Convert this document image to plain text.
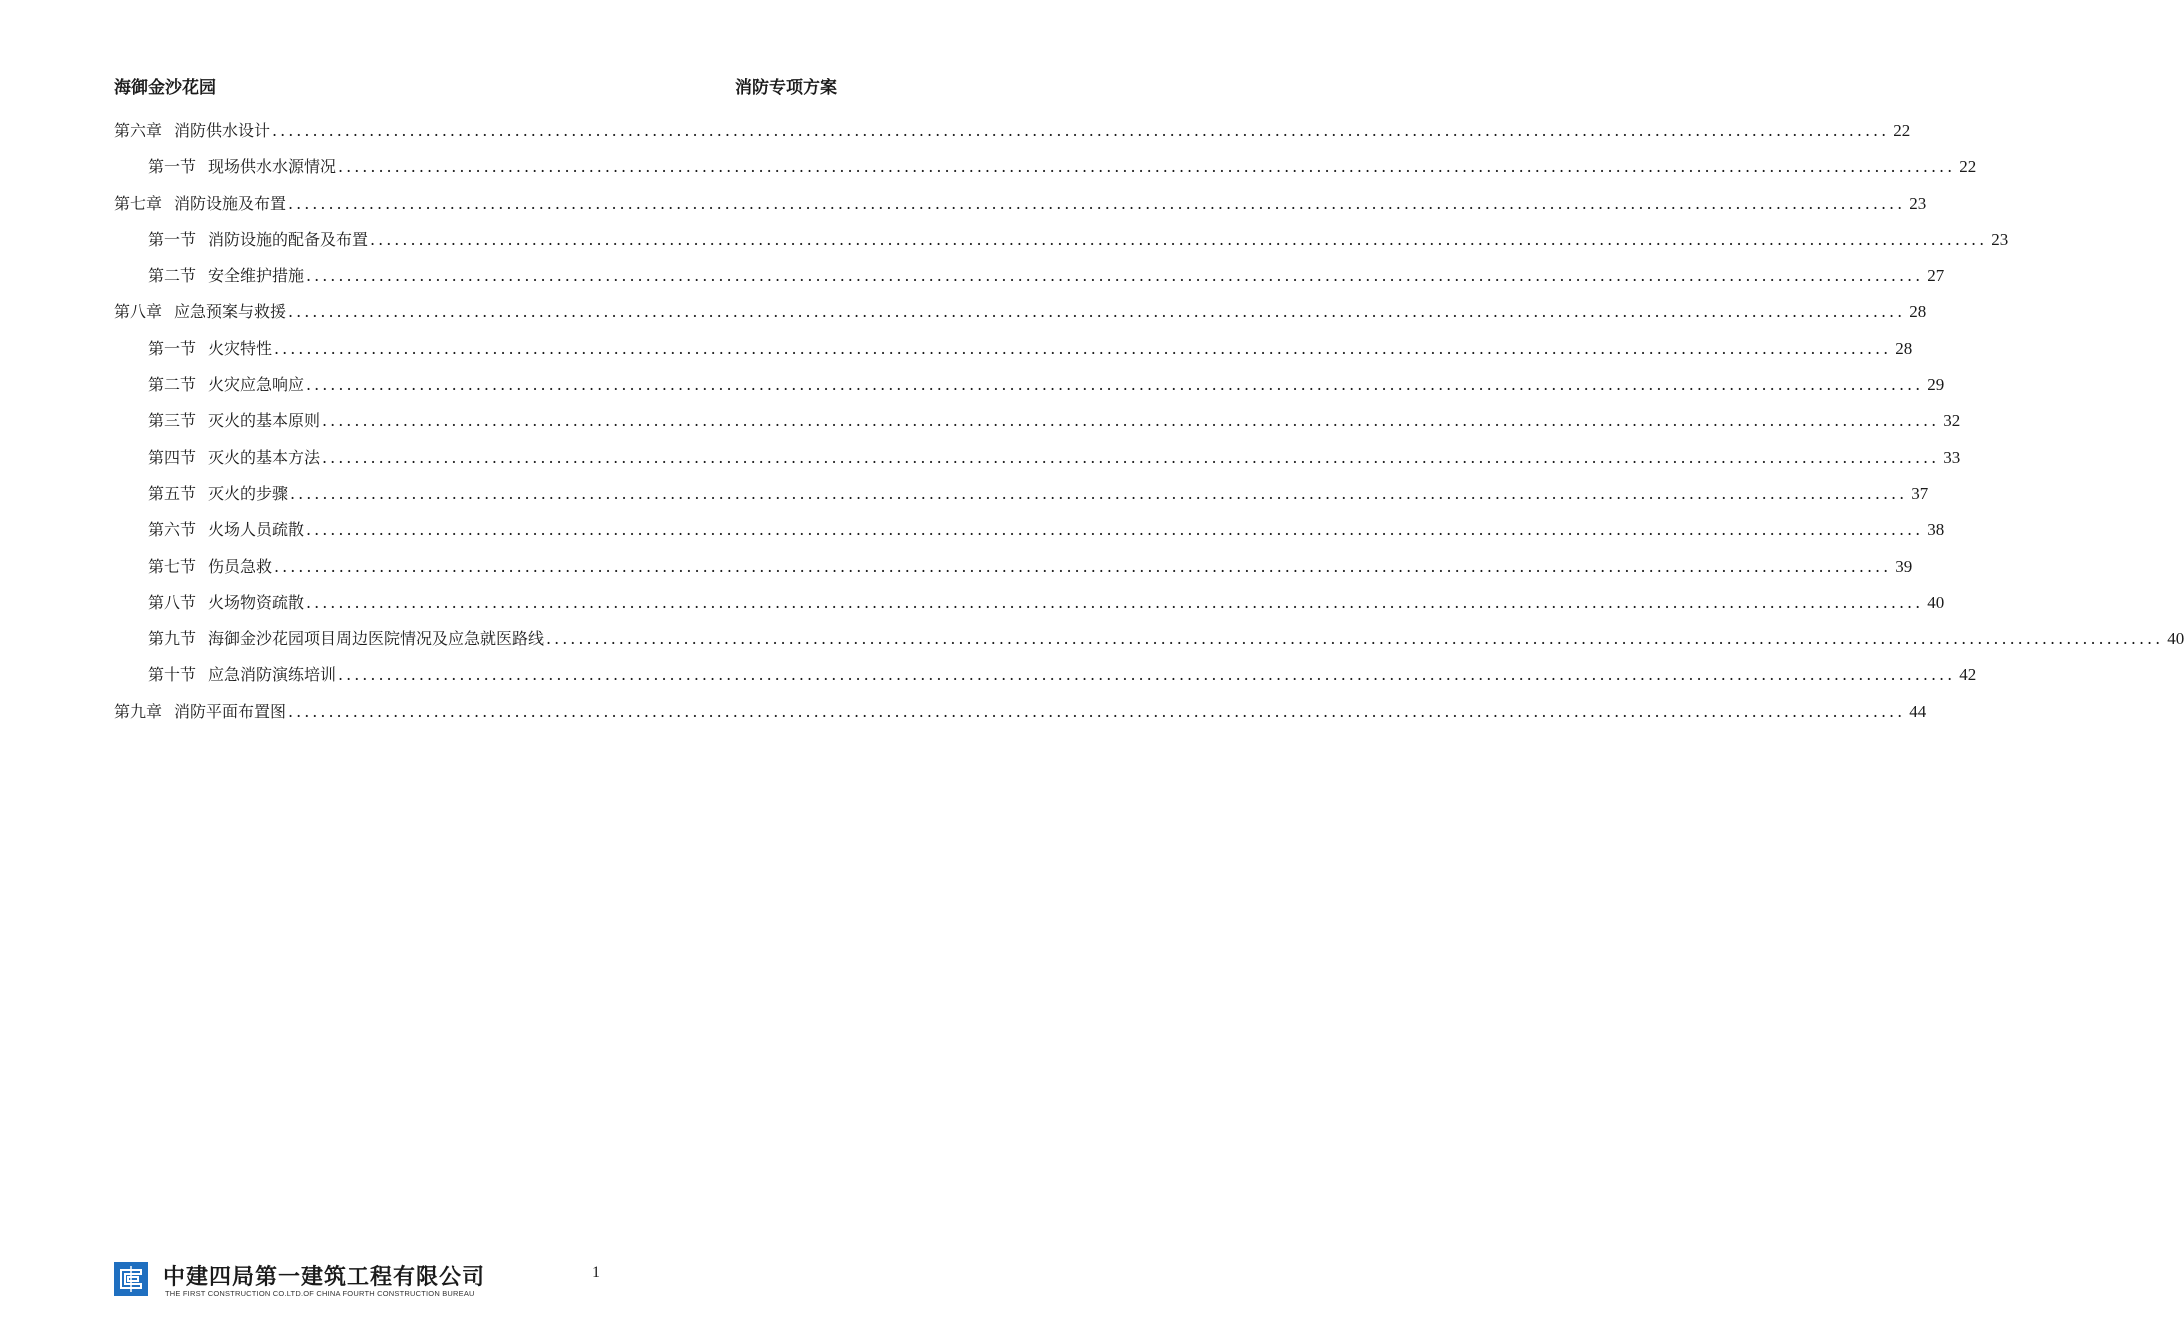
海御金沙花园	消防专项方案
第六章 消防供水设计 ........................................................................................................................................................................................................ 22
第一节 现场供水水源情况 ........................................................................................................................................................................................................ 22
第七章 消防设施及布置 ........................................................................................................................................................................................................ 23
第一节 消防设施的配备及布置 ........................................................................................................................................................................................................ 23
第二节 安全维护措施 ........................................................................................................................................................................................................ 27
第八章 应急预案与救援 ........................................................................................................................................................................................................ 28
第一节 火灾特性 ........................................................................................................................................................................................................ 28
第二节 火灾应急响应 ........................................................................................................................................................................................................ 29
第三节 灭火的基本原则 ........................................................................................................................................................................................................ 32
第四节 灭火的基本方法 ........................................................................................................................................................................................................ 33
第五节 灭火的步骤 ........................................................................................................................................................................................................ 37
第六节 火场人员疏散 ........................................................................................................................................................................................................ 38
第七节 伤员急救 ........................................................................................................................................................................................................ 39
第八节 火场物资疏散 ........................................................................................................................................................................................................ 40
第九节 海御金沙花园项目周边医院情况及应急就医路线 ........................................................................................................................................................................................................ 40
第十节 应急消防演练培训 ........................................................................................................................................................................................................ 42
第九章 消防平面布置图 ........................................................................................................................................................................................................ 44
中建四局第一建筑工程有限公司
THE FIRST CONSTRUCTION CO.LTD.OF CHINA FOURTH CONSTRUCTION BUREAU
1
